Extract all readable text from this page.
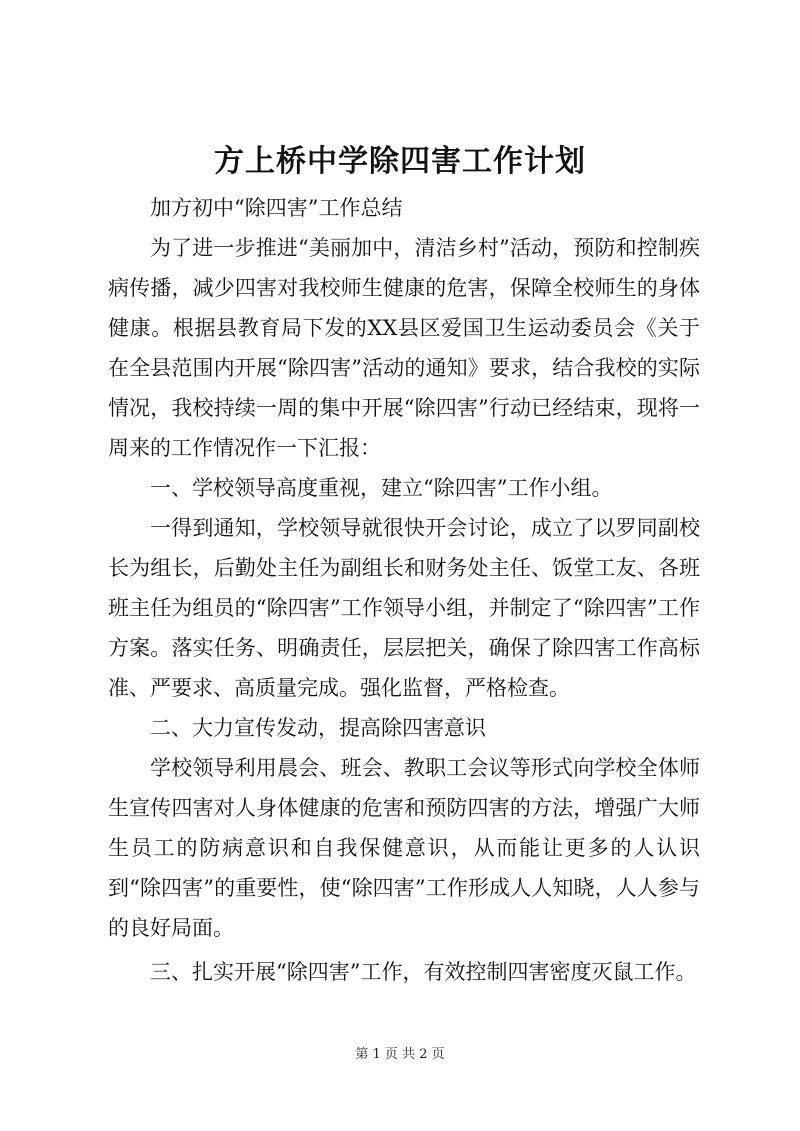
方上桥中学除四害工作计划

加方初中“除四害”工作总结

为了进一步推进“美丽加中，清洁乡村”活动，预防和控制疾病传播，减少四害对我校师生健康的危害，保障全校师生的身体健康。根据县教育局下发的XX县区爱国卫生运动委员会《关于在全县范围内开展“除四害”活动的通知》要求，结合我校的实际情况，我校持续一周的集中开展“除四害”行动已经结束，现将一周来的工作情况作一下汇报：

一、学校领导高度重视，建立“除四害”工作小组。

一得到通知，学校领导就很快开会讨论，成立了以罗同副校长为组长，后勤处主任为副组长和财务处主任、饭堂工友、各班班主任为组员的“除四害”工作领导小组，并制定了“除四害”工作方案。落实任务、明确责任，层层把关，确保了除四害工作高标准、严要求、高质量完成。强化监督，严格检查。

二、大力宣传发动，提高除四害意识

学校领导利用晨会、班会、教职工会议等形式向学校全体师生宣传四害对人身体健康的危害和预防四害的方法，增强广大师生员工的防病意识和自我保健意识，从而能让更多的人认识到“除四害”的重要性，使“除四害”工作形成人人知晓，人人参与的良好局面。

三、扎实开展“除四害”工作，有效控制四害密度灭鼠工作。

第 1 页 共 2 页
